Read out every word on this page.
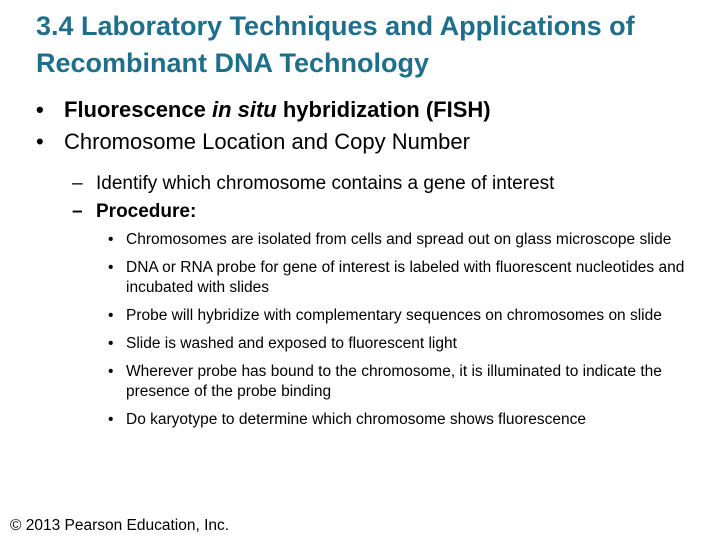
3.4 Laboratory Techniques and Applications of Recombinant DNA Technology
• Fluorescence in situ hybridization (FISH)
• Chromosome Location and Copy Number
– Identify which chromosome contains a gene of interest
– Procedure:
• Chromosomes are isolated from cells and spread out on glass microscope slide
• DNA or RNA probe for gene of interest is labeled with fluorescent nucleotides and incubated with slides
• Probe will hybridize with complementary sequences on chromosomes on slide
• Slide is washed and exposed to fluorescent light
• Wherever probe has bound to the chromosome, it is illuminated to indicate the presence of the probe binding
• Do karyotype to determine which chromosome shows fluorescence
© 2013 Pearson Education, Inc.
